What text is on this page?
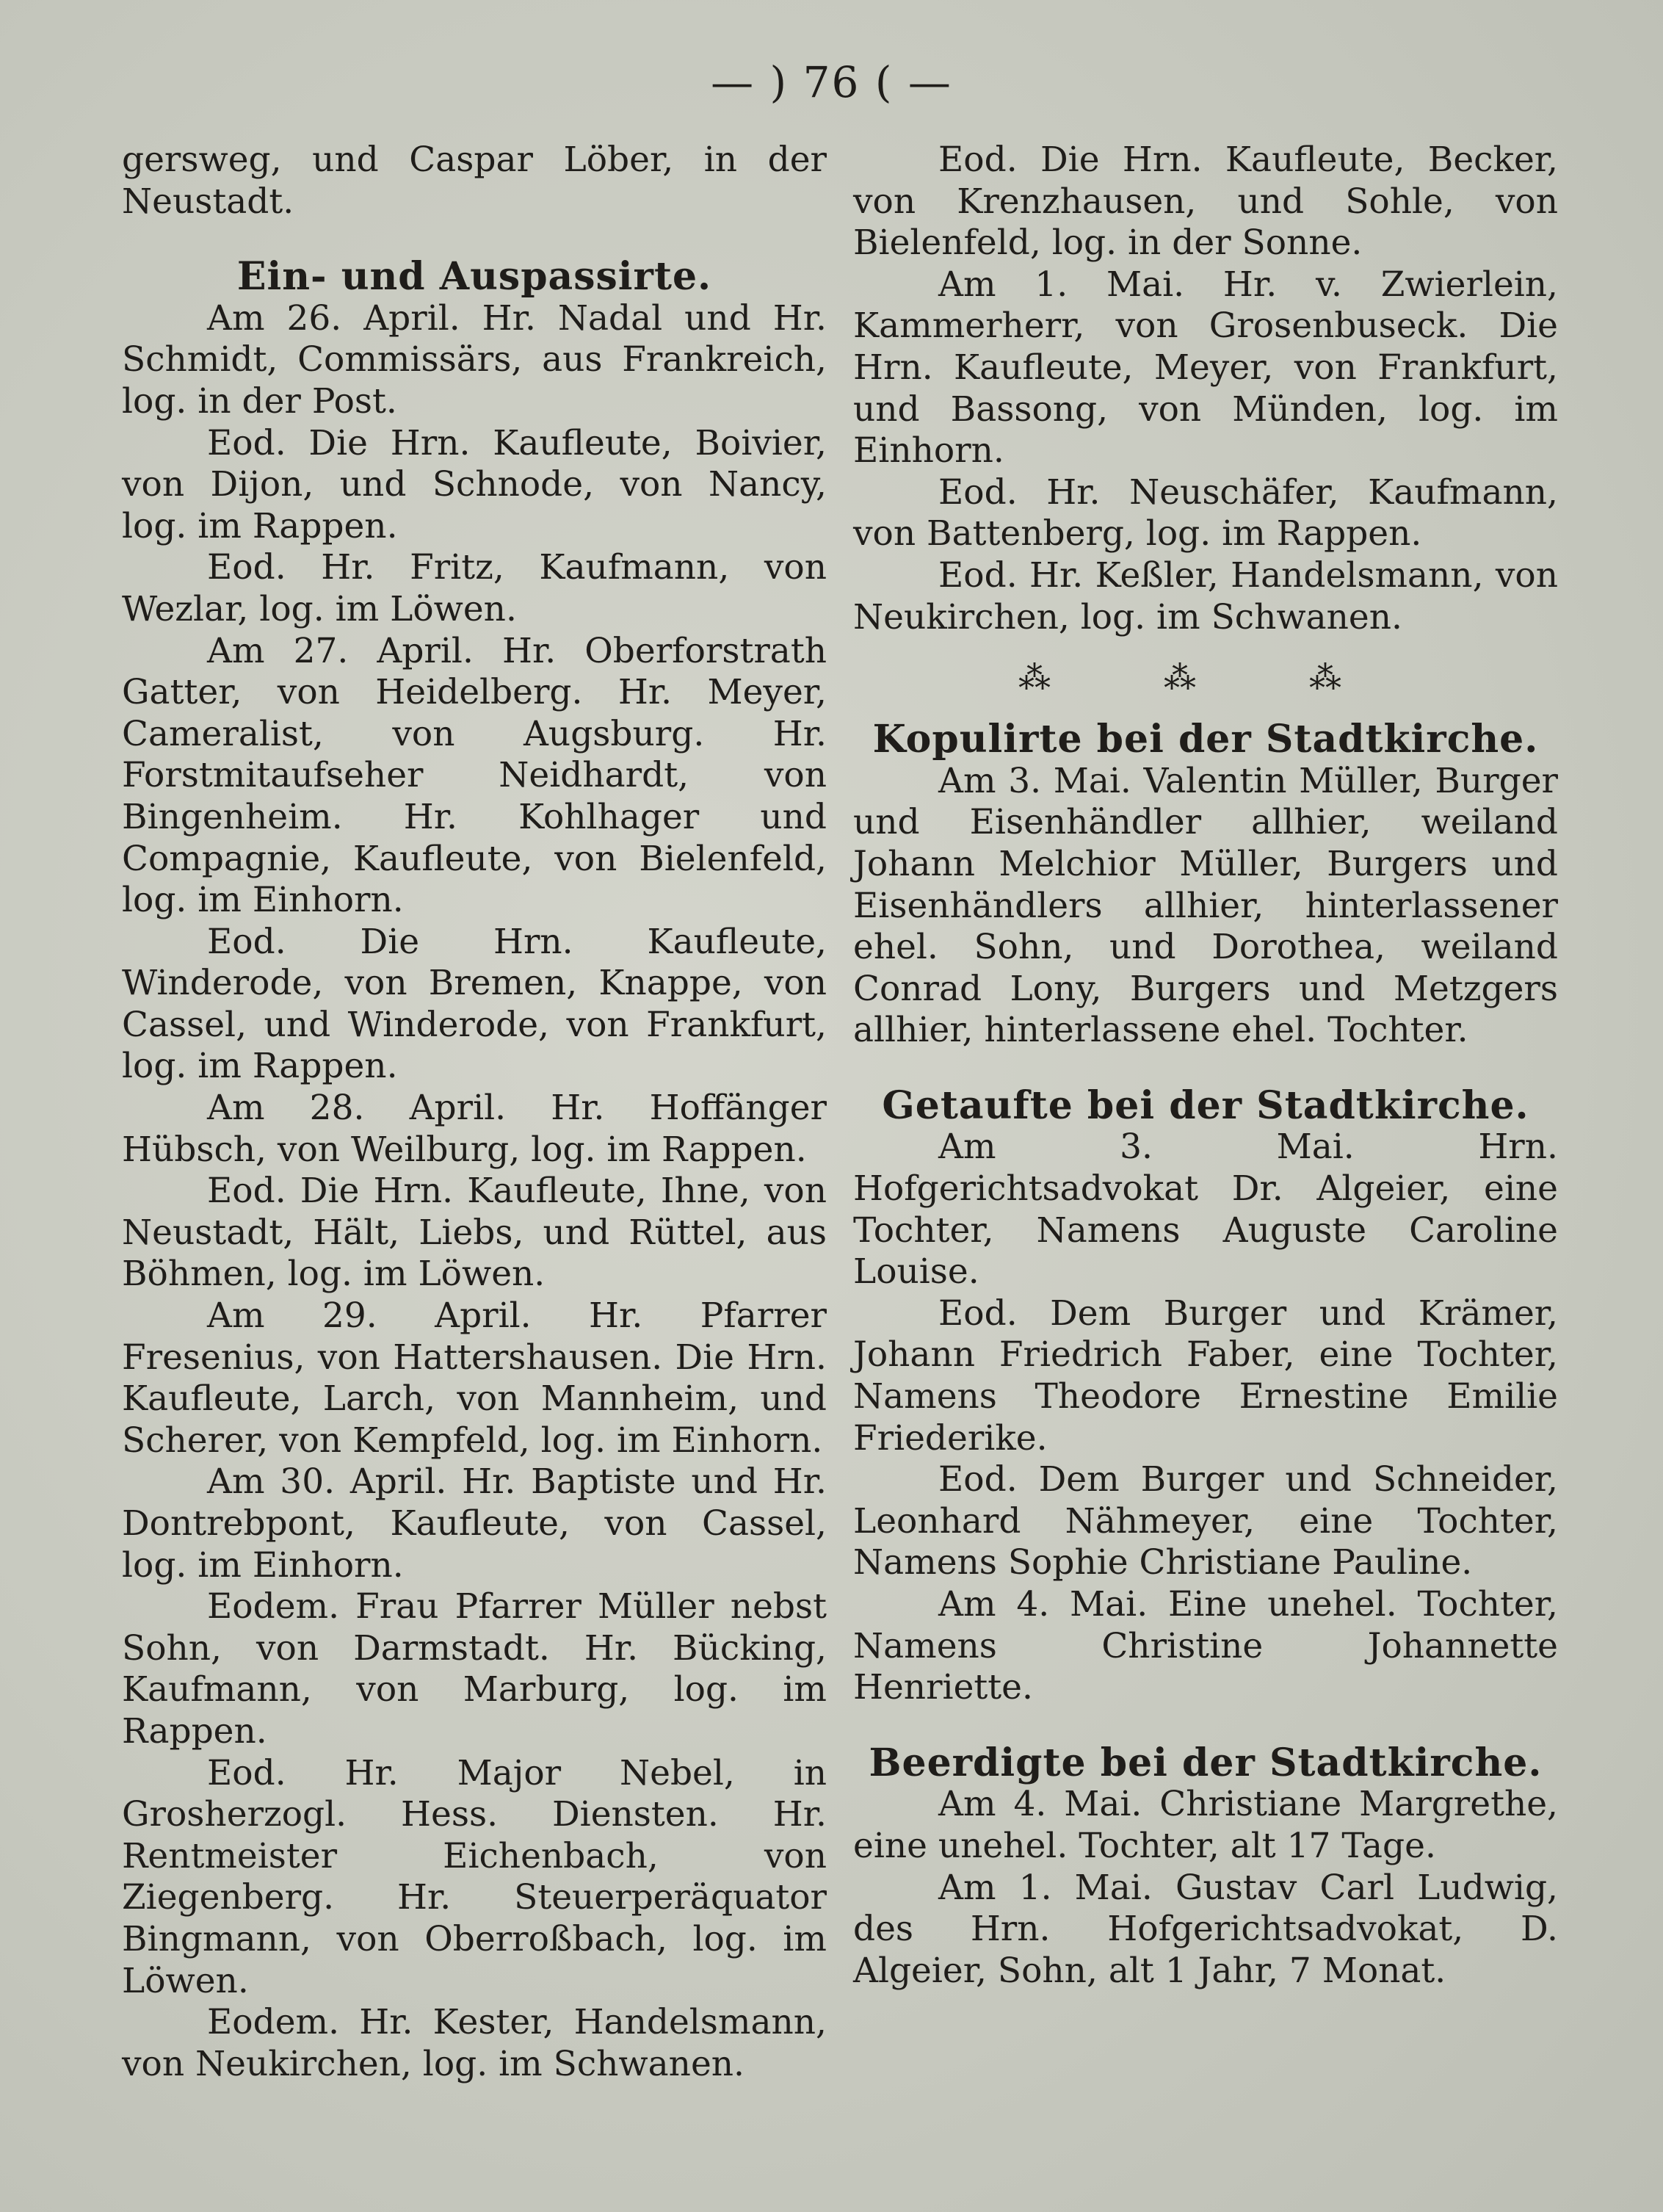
— ) 76 ( —

gersweg, und Caspar Löber, in der Neustadt.

Ein- und Auspassirte.

Am 26. April. Hr. Nadal und Hr. Schmidt, Commissärs, aus Frankreich, log. in der Post.

Eod. Die Hrn. Kaufleute, Boivier, von Dijon, und Schnode, von Nancy, log. im Rappen.

Eod. Hr. Fritz, Kaufmann, von Wezlar, log. im Löwen.

Am 27. April. Hr. Oberforstrath Gatter, von Heidelberg. Hr. Meyer, Cameralist, von Augsburg. Hr. Forstmitaufseher Neidhardt, von Bingenheim. Hr. Kohlhager und Compagnie, Kaufleute, von Bielenfeld, log. im Einhorn.

Eod. Die Hrn. Kaufleute, Winderode, von Bremen, Knappe, von Cassel, und Winderode, von Frankfurt, log. im Rappen.

Am 28. April. Hr. Hoffänger Hübsch, von Weilburg, log. im Rappen.

Eod. Die Hrn. Kaufleute, Ihne, von Neustadt, Hält, Liebs, und Rüttel, aus Böhmen, log. im Löwen.

Am 29. April. Hr. Pfarrer Fresenius, von Hattershausen. Die Hrn. Kaufleute, Larch, von Mannheim, und Scherer, von Kempfeld, log. im Einhorn.

Am 30. April. Hr. Baptiste und Hr. Dontrebpont, Kaufleute, von Cassel, log. im Einhorn.

Eodem. Frau Pfarrer Müller nebst Sohn, von Darmstadt. Hr. Bücking, Kaufmann, von Marburg, log. im Rappen.

Eod. Hr. Major Nebel, in Grosherzogl. Hess. Diensten. Hr. Rentmeister Eichenbach, von Ziegenberg. Hr. Steuerperäquator Bingmann, von Oberroßbach, log. im Löwen.

Eodem. Hr. Kester, Handelsmann, von Neukirchen, log. im Schwanen.

Eod. Die Hrn. Kaufleute, Becker, von Krenzhausen, und Sohle, von Bielenfeld, log. in der Sonne.

Am 1. Mai. Hr. v. Zwierlein, Kammerherr, von Grosenbuseck. Die Hrn. Kaufleute, Meyer, von Frankfurt, und Bassong, von Münden, log. im Einhorn.

Eod. Hr. Neuschäfer, Kaufmann, von Battenberg, log. im Rappen.

Eod. Hr. Keßler, Handelsmann, von Neukirchen, log. im Schwanen.

⁂ ⁂ ⁂

Kopulirte bei der Stadtkirche.

Am 3. Mai. Valentin Müller, Burger und Eisenhändler allhier, weiland Johann Melchior Müller, Burgers und Eisenhändlers allhier, hinterlassener ehel. Sohn, und Dorothea, weiland Conrad Lony, Burgers und Metzgers allhier, hinterlassene ehel. Tochter.

Getaufte bei der Stadtkirche.

Am 3. Mai. Hrn. Hofgerichtsadvokat Dr. Algeier, eine Tochter, Namens Auguste Caroline Louise.

Eod. Dem Burger und Krämer, Johann Friedrich Faber, eine Tochter, Namens Theodore Ernestine Emilie Friederike.

Eod. Dem Burger und Schneider, Leonhard Nähmeyer, eine Tochter, Namens Sophie Christiane Pauline.

Am 4. Mai. Eine unehel. Tochter, Namens Christine Johannette Henriette.

Beerdigte bei der Stadtkirche.

Am 4. Mai. Christiane Margrethe, eine unehel. Tochter, alt 17 Tage.

Am 1. Mai. Gustav Carl Ludwig, des Hrn. Hofgerichtsadvokat, D. Algeier, Sohn, alt 1 Jahr, 7 Monat.
